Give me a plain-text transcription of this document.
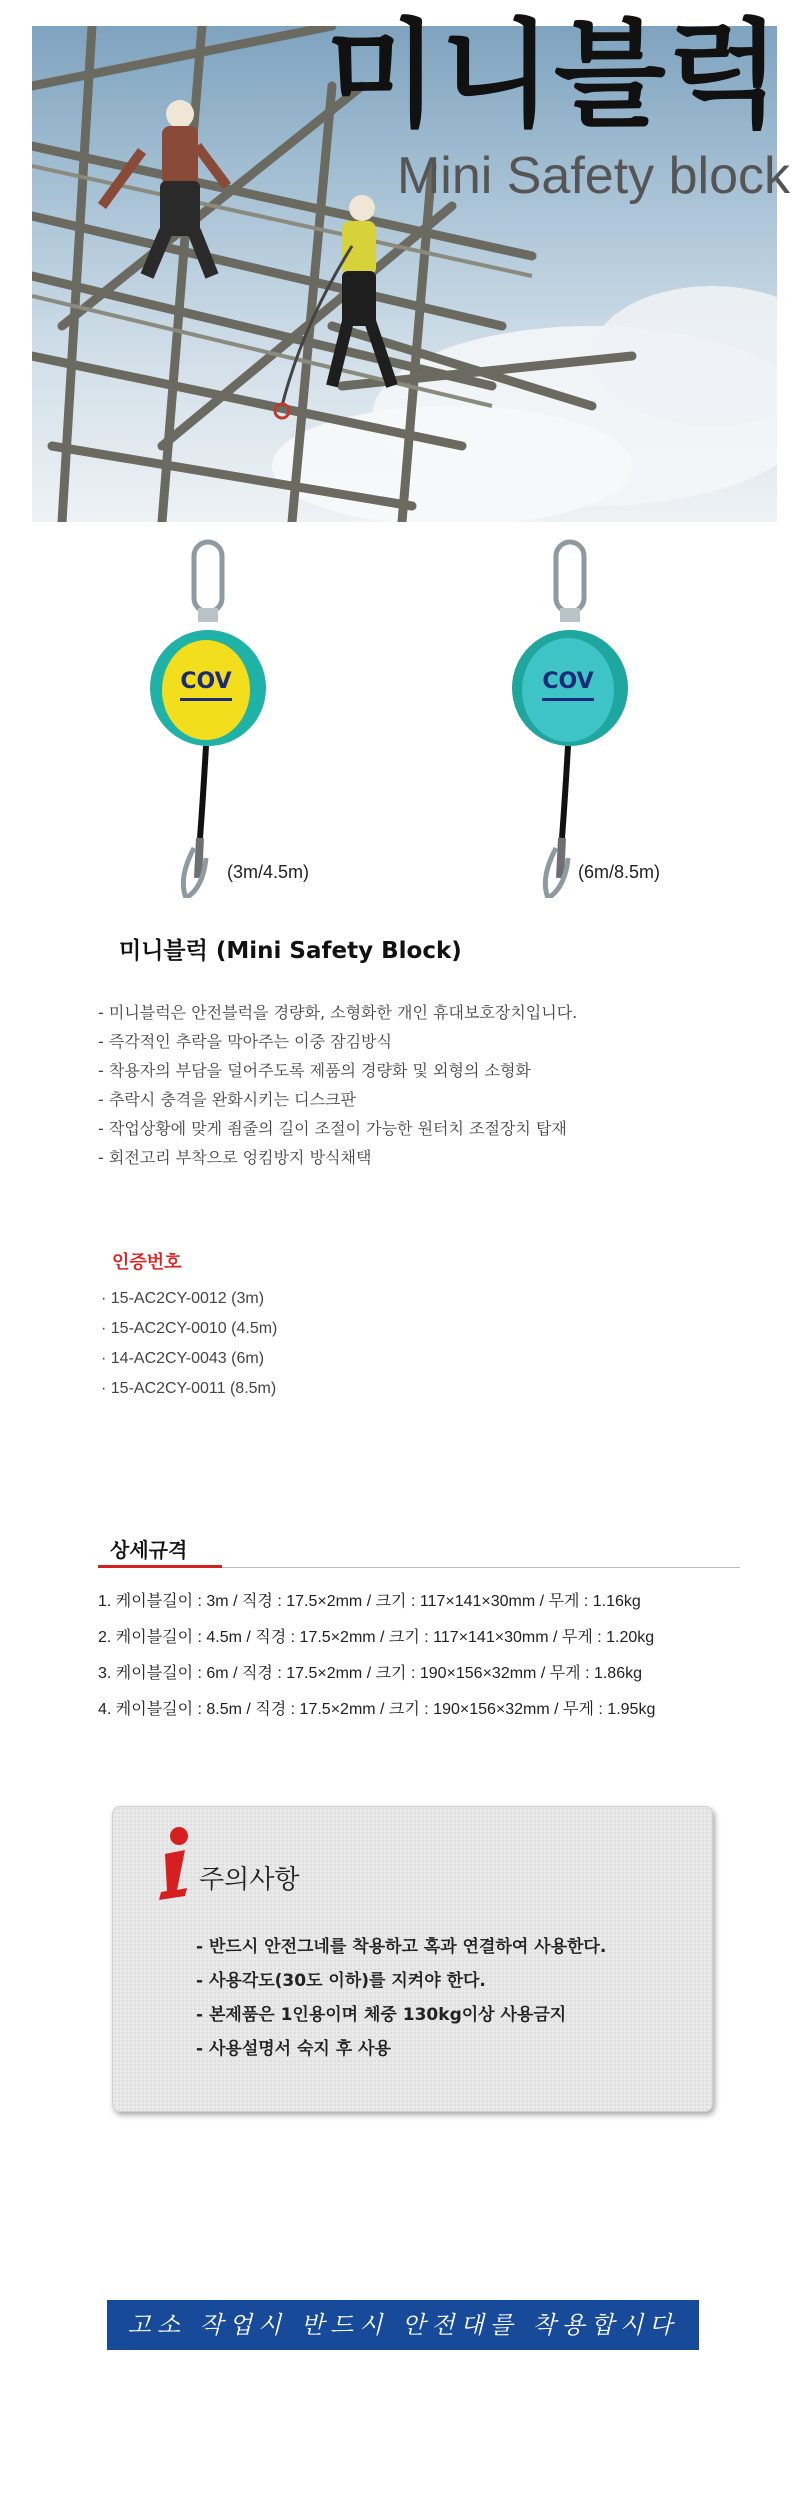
미니블럭
Mini Safety block
COV
(3m/4.5m)
COV
(6m/8.5m)
미니블럭 (Mini Safety Block)
- 미니블럭은 안전블럭을 경량화, 소형화한 개인 휴대보호장치입니다.
- 즉각적인 추락을 막아주는 이중 잠김방식
- 착용자의 부담을 덜어주도록 제품의 경량화 및 외형의 소형화
- 추락시 충격을 완화시키는 디스크판
- 작업상황에 맞게 죔줄의 길이 조절이 가능한 원터치 조절장치 탑재
- 회전고리 부착으로 엉킴방지 방식채택
인증번호
· 15-AC2CY-0012 (3m)
· 15-AC2CY-0010 (4.5m)
· 14-AC2CY-0043 (6m)
· 15-AC2CY-0011 (8.5m)
상세규격
1. 케이블길이 : 3m / 직경 : 17.5×2mm / 크기 : 117×141×30mm / 무게 : 1.16kg
2. 케이블길이 : 4.5m / 직경 : 17.5×2mm / 크기 : 117×141×30mm / 무게 : 1.20kg
3. 케이블길이 : 6m / 직경 : 17.5×2mm / 크기 : 190×156×32mm / 무게 : 1.86kg
4. 케이블길이 : 8.5m / 직경 : 17.5×2mm / 크기 : 190×156×32mm / 무게 : 1.95kg
주의사항
- 반드시 안전그네를 착용하고 혹과 연결하여 사용한다.
- 사용각도(30도 이하)를 지켜야 한다.
- 본제품은 1인용이며 체중 130kg이상 사용금지
- 사용설명서 숙지 후 사용
고소 작업시 반드시 안전대를 착용합시다
